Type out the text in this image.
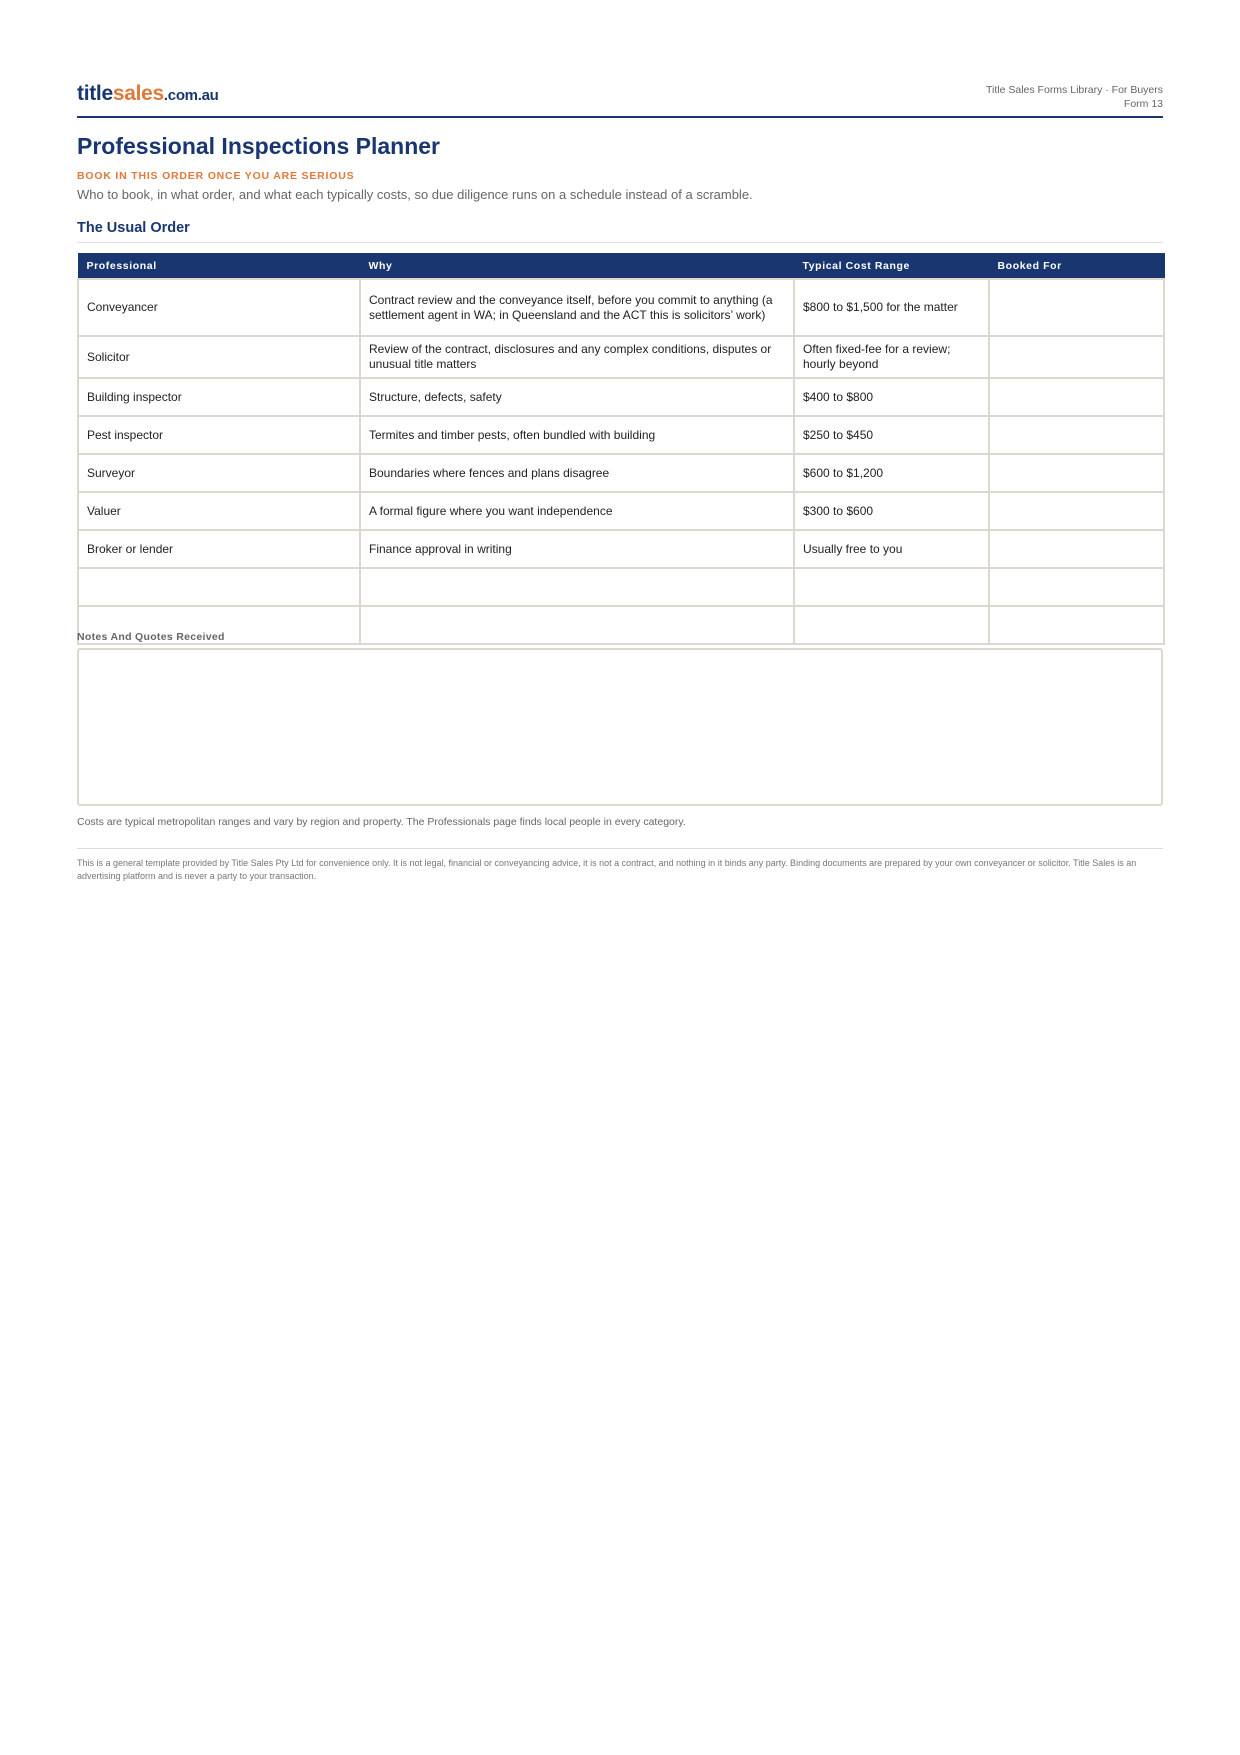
titlesales.com.au	Title Sales Forms Library · For Buyers
Form 13
Professional Inspections Planner
BOOK IN THIS ORDER ONCE YOU ARE SERIOUS
Who to book, in what order, and what each typically costs, so due diligence runs on a schedule instead of a scramble.
The Usual Order
Professional	Why	Typical Cost Range	Booked For
Conveyancer	Contract review and the conveyance itself, before you commit to anything (a settlement agent in WA; in Queensland and the ACT this is solicitors’ work)	$800 to $1,500 for the matter	
Solicitor	Review of the contract, disclosures and any complex conditions, disputes or unusual title matters	Often fixed-fee for a review; hourly beyond	
Building inspector	Structure, defects, safety	$400 to $800	
Pest inspector	Termites and timber pests, often bundled with building	$250 to $450	
Surveyor	Boundaries where fences and plans disagree	$600 to $1,200	
Valuer	A formal figure where you want independence	$300 to $600	
Broker or lender	Finance approval in writing	Usually free to you	

Notes And Quotes Received
Costs are typical metropolitan ranges and vary by region and property. The Professionals page finds local people in every category.
This is a general template provided by Title Sales Pty Ltd for convenience only. It is not legal, financial or conveyancing advice, it is not a contract, and nothing in it binds any party. Binding documents are prepared by your own conveyancer or solicitor. Title Sales is an advertising platform and is never a party to your transaction.
